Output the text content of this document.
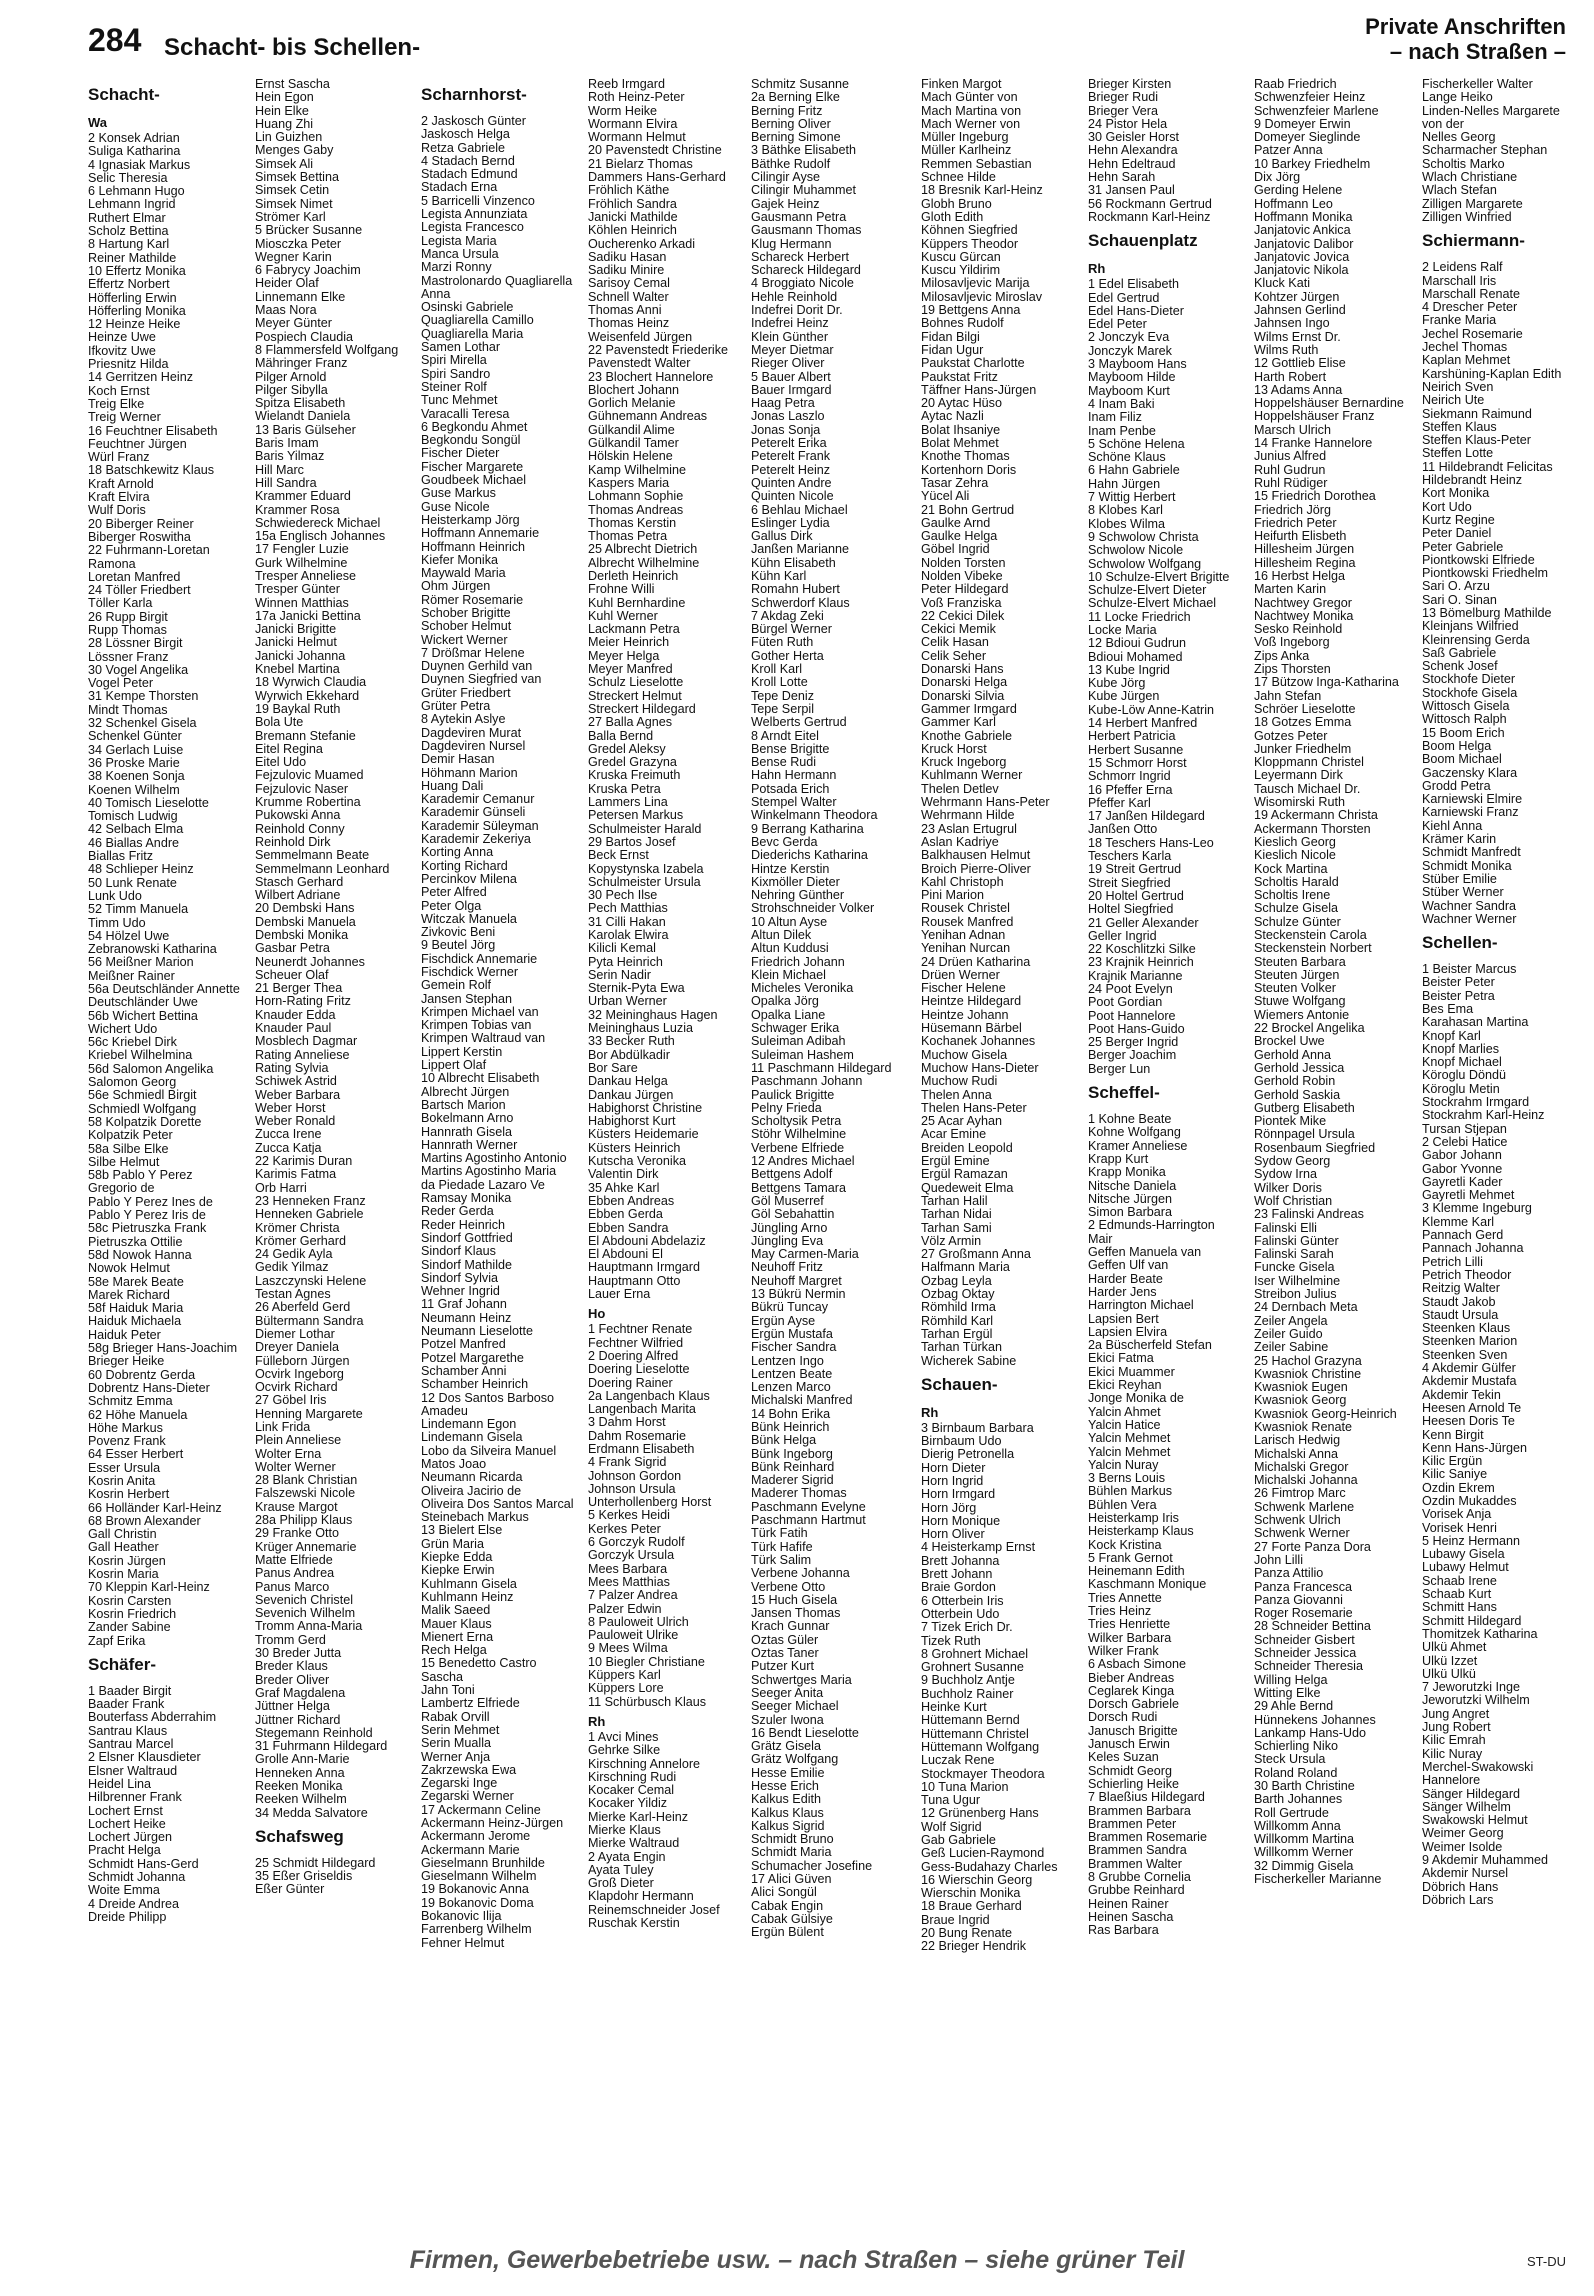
284 Schacht- bis Schellen-
Private Anschriften
– nach Straßen –
Schacht-
Wa
2 Konsek Adrian
Suliga Katharina
4 Ignasiak Markus
Selic Theresia
6 Lehmann Hugo
Lehmann Ingrid
Ruthert Elmar
Scholz Bettina
8 Hartung Karl
Reiner Mathilde
10 Effertz Monika
Effertz Norbert
Höfferling Erwin
Höfferling Monika
12 Heinze Heike
Heinze Uwe
Ifkovitz Uwe
Priesnitz Hilda
14 Gerritzen Heinz
Koch Ernst
Treig Elke
Treig Werner
16 Feuchtner Elisabeth
Feuchtner Jürgen
Würl Franz
18 Batschkewitz Klaus
Kraft Arnold
Kraft Elvira
Wulf Doris
20 Biberger Reiner
Biberger Roswitha
22 Fuhrmann-Loretan
Ramona
Loretan Manfred
24 Töller Friedbert
Töller Karla
26 Rupp Birgit
Rupp Thomas
28 Lössner Birgit
Lössner Franz
30 Vogel Angelika
Vogel Peter
31 Kempe Thorsten
Mindt Thomas
32 Schenkel Gisela
Schenkel Günter
34 Gerlach Luise
36 Proske Marie
38 Koenen Sonja
Koenen Wilhelm
40 Tomisch Lieselotte
Tomisch Ludwig
42 Selbach Elma
46 Biallas Andre
Biallas Fritz
48 Schlieper Heinz
50 Lunk Renate
Lunk Udo
52 Timm Manuela
Timm Udo
54 Hölzel Uwe
Zebranowski Katharina
56 Meißner Marion
Meißner Rainer
56a Deutschländer Annette
Deutschländer Uwe
56b Wichert Bettina
Wichert Udo
56c Kriebel Dirk
Kriebel Wilhelmina
56d Salomon Angelika
Salomon Georg
56e Schmiedl Birgit
Schmiedl Wolfgang
58 Kolpatzik Dorette
Kolpatzik Peter
58a Silbe Elke
Silbe Helmut
58b Pablo Y Perez
Gregorio de
Pablo Y Perez Ines de
Pablo Y Perez Iris de
58c Pietruszka Frank
Pietruszka Ottilie
58d Nowok Hanna
Nowok Helmut
58e Marek Beate
Marek Richard
58f Haiduk Maria
Haiduk Michaela
Haiduk Peter
58g Brieger Hans-Joachim
Brieger Heike
60 Dobrentz Gerda
Dobrentz Hans-Dieter
Schmitz Emma
62 Höhe Manuela
Höhe Markus
Povenz Frank
64 Esser Herbert
Esser Ursula
Kosrin Anita
Kosrin Herbert
66 Holländer Karl-Heinz
68 Brown Alexander
Gall Christin
Gall Heather
Kosrin Jürgen
Kosrin Maria
70 Kleppin Karl-Heinz
Kosrin Carsten
Kosrin Friedrich
Zander Sabine
Zapf Erika
Schäfer-
1 Baader Birgit
Baader Frank
Bouterfass Abderrahim
Santrau Klaus
Santrau Marcel
2 Elsner Klausdieter
Elsner Waltraud
Heidel Lina
Hilbrenner Frank
Lochert Ernst
Lochert Heike
Lochert Jürgen
Pracht Helga
Schmidt Hans-Gerd
Schmidt Johanna
Woite Emma
4 Dreide Andrea
Dreide Philipp
Ernst Sascha
Hein Egon
Hein Elke
Huang Zhi
Lin Guizhen
Menges Gaby
Simsek Ali
Simsek Bettina
Simsek Cetin
Simsek Nimet
Strömer Karl
5 Brücker Susanne
Miosczka Peter
Wegner Karin
6 Fabrycy Joachim
Heider Olaf
Linnemann Elke
Maas Nora
Meyer Günter
Pospiech Claudia
8 Flammersfeld Wolfgang
Mähringer Franz
Pilger Arnold
Pilger Sibylla
Spitza Elisabeth
Wielandt Daniela
13 Baris Gülseher
Baris Imam
Baris Yilmaz
Hill Marc
Hill Sandra
Krammer Eduard
Krammer Rosa
Schwiedereck Michael
15a Englisch Johannes
17 Fengler Luzie
Gurk Wilhelmine
Tresper Anneliese
Tresper Günter
Winnen Matthias
17a Janicki Bettina
Janicki Brigitte
Janicki Helmut
Janicki Johanna
Knebel Martina
18 Wyrwich Claudia
Wyrwich Ekkehard
19 Baykal Ruth
Bola Ute
Bremann Stefanie
Eitel Regina
Eitel Udo
Fejzulovic Muamed
Fejzulovic Naser
Krumme Robertina
Pukowski Anna
Reinhold Conny
Reinhold Dirk
Semmelmann Beate
Semmelmann Leonhard
Stasch Gerhard
Wilbert Adriane
20 Dembski Hans
Dembski Manuela
Dembski Monika
Gasbar Petra
Neunerdt Johannes
Scheuer Olaf
21 Berger Thea
Horn-Rating Fritz
Knauder Edda
Knauder Paul
Mosblech Dagmar
Rating Anneliese
Rating Sylvia
Schiwek Astrid
Weber Barbara
Weber Horst
Weber Ronald
Zucca Irene
Zucca Katja
22 Karimis Duran
Karimis Fatma
Orb Harri
23 Henneken Franz
Henneken Gabriele
Krömer Christa
Krömer Gerhard
24 Gedik Ayla
Gedik Yilmaz
Laszczynski Helene
Testan Agnes
26 Aberfeld Gerd
Bültermann Sandra
Diemer Lothar
Dreyer Daniela
Fülleborn Jürgen
Ocvirk Ingeborg
Ocvirk Richard
27 Göbel Iris
Henning Margarete
Link Frida
Plein Anneliese
Wolter Erna
Wolter Werner
28 Blank Christian
Falszewski Nicole
Krause Margot
28a Philipp Klaus
29 Franke Otto
Krüger Annemarie
Matte Elfriede
Panus Andrea
Panus Marco
Sevenich Christel
Sevenich Wilhelm
Tromm Anna-Maria
Tromm Gerd
30 Breder Jutta
Breder Klaus
Breder Oliver
Graf Magdalena
Jüttner Helga
Jüttner Richard
Stegemann Reinhold
31 Fuhrmann Hildegard
Grolle Ann-Marie
Henneken Anna
Reeken Monika
Reeken Wilhelm
34 Medda Salvatore
Schafsweg
25 Schmidt Hildegard
35 Eßer Griseldis
Eßer Günter
Scharnhorst-
2 Jaskosch Günter
Jaskosch Helga
Retza Gabriele
4 Stadach Bernd
Stadach Edmund
Stadach Erna
5 Barricelli Vinzenco
Legista Annunziata
Legista Francesco
Legista Maria
Manca Ursula
Marzi Ronny
Mastrolonardo Quagliarella
Anna
Osinski Gabriele
Quagliarella Camillo
Quagliarella Maria
Samen Lothar
Spiri Mirella
Spiri Sandro
Steiner Rolf
Tunc Mehmet
Varacalli Teresa
6 Begkondu Ahmet
Begkondu Songül
Fischer Dieter
Fischer Margarete
Goudbeek Michael
Guse Markus
Guse Nicole
Heisterkamp Jörg
Hoffmann Annemarie
Hoffmann Heinrich
Kiefer Monika
Maywald Maria
Ohm Jürgen
Römer Rosemarie
Schober Brigitte
Schober Helmut
Wickert Werner
7 Drößmar Helene
Duynen Gerhild van
Duynen Siegfried van
Grüter Friedbert
Grüter Petra
8 Aytekin Aslye
Dagdeviren Murat
Dagdeviren Nursel
Demir Hasan
Höhmann Marion
Huang Dali
Karademir Cemanur
Karademir Günseli
Karademir Süleyman
Karademir Zekeriya
Korting Anna
Korting Richard
Percinkov Milena
Peter Alfred
Peter Olga
Witczak Manuela
Zivkovic Beni
9 Beutel Jörg
Fischdick Annemarie
Fischdick Werner
Gemein Rolf
Jansen Stephan
Krimpen Michael van
Krimpen Tobias van
Krimpen Waltraud van
Lippert Kerstin
Lippert Olaf
10 Albrecht Elisabeth
Albrecht Jürgen
Bartsch Marion
Bokelmann Arno
Hannrath Gisela
Hannrath Werner
Martins Agostinho Antonio
Martins Agostinho Maria
da Piedade Lazaro Ve
Ramsay Monika
Reder Gerda
Reder Heinrich
Sindorf Gottfried
Sindorf Klaus
Sindorf Mathilde
Sindorf Sylvia
Wehner Ingrid
11 Graf Johann
Neumann Heinz
Neumann Lieselotte
Potzel Manfred
Potzel Margarethe
Schamber Anni
Schamber Heinrich
12 Dos Santos Barboso
Amadeu
Lindemann Egon
Lindemann Gisela
Lobo da Silveira Manuel
Matos Joao
Neumann Ricarda
Oliveira Jacirio de
Oliveira Dos Santos Marcal
Steinebach Markus
13 Bielert Else
Grün Maria
Kiepke Edda
Kiepke Erwin
Kuhlmann Gisela
Kuhlmann Heinz
Malik Saeed
Mauer Klaus
Mienert Erna
Rech Helga
15 Benedetto Castro
Sascha
Jahn Toni
Lambertz Elfriede
Rabak Orvill
Serin Mehmet
Serin Mualla
Werner Anja
Zakrzewska Ewa
Zegarski Inge
Zegarski Werner
17 Ackermann Celine
Ackermann Heinz-Jürgen
Ackermann Jerome
Ackermann Marie
Gieselmann Brunhilde
Gieselmann Wilhelm
19 Bokanovic Anna
19 Bokanovic Doma
Bokanovic Ilija
Farrenberg Wilhelm
Fehner Helmut
Reeb Irmgard
Roth Heinz-Peter
Worm Heike
Wormann Elvira
Wormann Helmut
20 Pavenstedt Christine
21 Bielarz Thomas
Dammers Hans-Gerhard
Fröhlich Käthe
Fröhlich Sandra
Janicki Mathilde
Köhlen Heinrich
Oucherenko Arkadi
Sadiku Hasan
Sadiku Minire
Sarisoy Cemal
Schnell Walter
Thomas Anni
Thomas Heinz
Weisenfeld Jürgen
22 Pavenstedt Friederike
Pavenstedt Walter
23 Blochert Hannelore
Blochert Johann
Gorlich Melanie
Gühnemann Andreas
Gülkandil Alime
Gülkandil Tamer
Hölskin Helene
Kamp Wilhelmine
Kaspers Maria
Lohmann Sophie
Thomas Andreas
Thomas Kerstin
Thomas Petra
25 Albrecht Dietrich
Albrecht Wilhelmine
Derleth Heinrich
Frohne Willi
Kuhl Bernhardine
Kuhl Werner
Lackmann Petra
Meier Heinrich
Meyer Helga
Meyer Manfred
Schulz Lieselotte
Streckert Helmut
Streckert Hildegard
27 Balla Agnes
Balla Bernd
Gredel Aleksy
Gredel Grazyna
Kruska Freimuth
Kruska Petra
Lammers Lina
Petersen Markus
Schulmeister Harald
29 Bartos Josef
Beck Ernst
Kopystynska Izabela
Schulmeister Ursula
30 Pech Ilse
Pech Matthias
31 Cilli Hakan
Karolak Elwira
Kilicli Kemal
Pyta Heinrich
Serin Nadir
Sternik-Pyta Ewa
Urban Werner
32 Meininghaus Hagen
Meininghaus Luzia
33 Becker Ruth
Bor Abdülkadir
Bor Sare
Dankau Helga
Dankau Jürgen
Habighorst Christine
Habighorst Kurt
Küsters Heidemarie
Küsters Heinrich
Kutscha Veronika
Valentin Dirk
35 Ahke Karl
Ebben Andreas
Ebben Gerda
Ebben Sandra
El Abdouni Abdelaziz
El Abdouni El
Hauptmann Irmgard
Hauptmann Otto
Lauer Erna
Ho
1 Fechtner Renate
Fechtner Wilfried
2 Doering Alfred
Doering Lieselotte
Doering Rainer
2a Langenbach Klaus
Langenbach Marita
3 Dahm Horst
Dahm Rosemarie
Erdmann Elisabeth
4 Frank Sigrid
Johnson Gordon
Johnson Ursula
Unterhollenberg Horst
5 Kerkes Heidi
Kerkes Peter
6 Gorczyk Rudolf
Gorczyk Ursula
Mees Barbara
Mees Matthias
7 Palzer Andrea
Palzer Edwin
8 Pauloweit Ulrich
Pauloweit Ulrike
9 Mees Wilma
10 Biegler Christiane
Küppers Karl
Küppers Lore
11 Schürbusch Klaus
Rh
1 Avci Mines
Gehrke Silke
Kirschning Annelore
Kirschning Rudi
Kocaker Cemal
Kocaker Yildiz
Mierke Karl-Heinz
Mierke Klaus
Mierke Waltraud
2 Ayata Engin
Ayata Tuley
Groß Dieter
Klapdohr Hermann
Reinemschneider Josef
Ruschak Kerstin
Schmitz Susanne
2a Berning Elke
Berning Fritz
Berning Oliver
Berning Simone
3 Bäthke Elisabeth
Bäthke Rudolf
Cilingir Ayse
Cilingir Muhammet
Gajek Heinz
Gausmann Petra
Gausmann Thomas
Klug Hermann
Schareck Herbert
Schareck Hildegard
4 Broggiato Nicole
Hehle Reinhold
Indefrei Dorit Dr.
Indefrei Heinz
Klein Günther
Meyer Dietmar
Rieger Oliver
5 Bauer Albert
Bauer Irmgard
Haag Petra
Jonas Laszlo
Jonas Sonja
Peterelt Erika
Peterelt Frank
Peterelt Heinz
Quinten Andre
Quinten Nicole
6 Behlau Michael
Eslinger Lydia
Gallus Dirk
Janßen Marianne
Kühn Elisabeth
Kühn Karl
Romahn Hubert
Schwerdorf Klaus
7 Akdag Zeki
Bürgel Werner
Füten Ruth
Gother Herta
Kroll Karl
Kroll Lotte
Tepe Deniz
Tepe Serpil
Welberts Gertrud
8 Arndt Eitel
Bense Brigitte
Bense Rudi
Hahn Hermann
Potsada Erich
Stempel Walter
Winkelmann Theodora
9 Berrang Katharina
Bevc Gerda
Diederichs Katharina
Hintze Kerstin
Kixmöller Dieter
Nehring Günther
Strohschneider Volker
10 Altun Ayse
Altun Dilek
Altun Kuddusi
Friedrich Johann
Klein Michael
Micheles Veronika
Opalka Jörg
Opalka Liane
Schwager Erika
Suleiman Adibah
Suleiman Hashem
11 Paschmann Hildegard
Paschmann Johann
Paulick Brigitte
Pelny Frieda
Scholtysik Petra
Stöhr Wilhelmine
Verbene Elfriede
12 Andres Michael
Bettgens Adolf
Bettgens Tamara
Göl Muserref
Göl Sebahattin
Jüngling Arno
Jüngling Eva
May Carmen-Maria
Neuhoff Fritz
Neuhoff Margret
13 Bükrü Nermin
Bükrü Tuncay
Ergün Ayse
Ergün Mustafa
Fischer Sandra
Lentzen Ingo
Lentzen Beate
Lenzen Marco
Michalski Manfred
14 Bohn Erika
Bünk Heinrich
Bünk Helga
Bünk Ingeborg
Bünk Reinhard
Maderer Sigrid
Maderer Thomas
Paschmann Evelyne
Paschmann Hartmut
Türk Fatih
Türk Hafife
Türk Salim
Verbene Johanna
Verbene Otto
15 Huch Gisela
Jansen Thomas
Krach Gunnar
Öztas Güler
Öztas Taner
Putzer Kurt
Schwertges Maria
Seeger Anita
Seeger Michael
Szuler Iwona
16 Bendt Lieselotte
Grätz Gisela
Grätz Wolfgang
Hesse Emilie
Hesse Erich
Kalkus Edith
Kalkus Klaus
Kalkus Sigrid
Schmidt Bruno
Schmidt Maria
Schumacher Josefine
17 Alici Güven
Alici Songül
Cabak Engin
Cabak Gülsiye
Ergün Bülent
Finken Margot
Mach Günter von
Mach Martina von
Mach Werner von
Müller Ingeburg
Müller Karlheinz
Remmen Sebastian
Schnee Hilde
18 Bresnik Karl-Heinz
Globh Bruno
Gloth Edith
Köhnen Siegfried
Küppers Theodor
Kuscu Gürcan
Kuscu Yildirim
Milosavljevic Marija
Milosavljevic Miroslav
19 Bettgens Anna
Bohnes Rudolf
Fidan Bilgi
Fidan Ugur
Paukstat Charlotte
Paukstat Fritz
Täffner Hans-Jürgen
20 Aytac Hüso
Aytac Nazli
Bolat Ihsaniye
Bolat Mehmet
Knothe Thomas
Kortenhorn Doris
Tasar Zehra
Yücel Ali
21 Bohn Gertrud
Gaulke Arnd
Gaulke Helga
Göbel Ingrid
Nolden Torsten
Nolden Vibeke
Peter Hildegard
Voß Franziska
22 Cekici Dilek
Cekici Memik
Celik Hasan
Celik Seher
Donarski Hans
Donarski Helga
Donarski Silvia
Gammer Irmgard
Gammer Karl
Knothe Gabriele
Kruck Horst
Kruck Ingeborg
Kuhlmann Werner
Thelen Detlev
Wehrmann Hans-Peter
Wehrmann Hilde
23 Aslan Ertugrul
Aslan Kadriye
Balkhausen Helmut
Broich Pierre-Oliver
Kahl Christoph
Pini Marion
Rousek Christel
Rousek Manfred
Yenihan Adnan
Yenihan Nurcan
24 Drüen Katharina
Drüen Werner
Fischer Helene
Heintze Hildegard
Heintze Johann
Hüsemann Bärbel
Kochanek Johannes
Muchow Gisela
Muchow Hans-Dieter
Muchow Rudi
Thelen Anna
Thelen Hans-Peter
25 Acar Ayhan
Acar Emine
Breiden Leopold
Ergül Emine
Ergül Ramazan
Quedeweit Elma
Tarhan Halil
Tarhan Nidai
Tarhan Sami
Völz Armin
27 Großmann Anna
Halfmann Maria
Özbag Leyla
Özbag Oktay
Römhild Irma
Römhild Karl
Tarhan Ergül
Tarhan Türkan
Wicherek Sabine
Schauen-
Rh
3 Birnbaum Barbara
Birnbaum Udo
Dierig Petronella
Horn Dieter
Horn Ingrid
Horn Irmgard
Horn Jörg
Horn Monique
Horn Oliver
4 Heisterkamp Ernst
Brett Johanna
Brett Johann
Braie Gordon
6 Otterbein Iris
Otterbein Udo
7 Tizek Erich Dr.
Tizek Ruth
8 Grohnert Michael
Grohnert Susanne
9 Buchholz Antje
Buchholz Rainer
Heinke Kurt
Hüttemann Bernd
Hüttemann Christel
Hüttemann Wolfgang
Luczak Rene
Stockmayer Theodora
10 Tuna Marion
Tuna Ugur
12 Grünenberg Hans
Wolf Sigrid
Gab Gabriele
Geß Lucien-Raymond
Gess-Budahazy Charles
16 Wierschin Georg
Wierschin Monika
18 Braue Gerhard
Braue Ingrid
20 Bung Renate
22 Brieger Hendrik
Brieger Kirsten
Brieger Rudi
Brieger Vera
24 Pistor Hela
30 Geisler Horst
Hehn Alexandra
Hehn Edeltraud
Hehn Sarah
31 Jansen Paul
56 Rockmann Gertrud
Rockmann Karl-Heinz
Schauenplatz
Rh
1 Edel Elisabeth
Edel Gertrud
Edel Hans-Dieter
Edel Peter
2 Jonczyk Eva
Jonczyk Marek
3 Mayboom Hans
Mayboom Hilde
Mayboom Kurt
4 Inam Baki
Inam Filiz
Inam Penbe
5 Schöne Helena
Schöne Klaus
6 Hahn Gabriele
Hahn Jürgen
7 Wittig Herbert
8 Klobes Karl
Klobes Wilma
9 Schwolow Christa
Schwolow Nicole
Schwolow Wolfgang
10 Schulze-Elvert Brigitte
Schulze-Elvert Dieter
Schulze-Elvert Michael
11 Locke Friedrich
Locke Maria
12 Bdioui Gudrun
Bdioui Mohamed
13 Kube Ingrid
Kube Jörg
Kube Jürgen
Kube-Löw Anne-Katrin
14 Herbert Manfred
Herbert Patricia
Herbert Susanne
15 Schmorr Horst
Schmorr Ingrid
16 Pfeffer Erna
Pfeffer Karl
17 Janßen Hildegard
Janßen Otto
18 Teschers Hans-Leo
Teschers Karla
19 Streit Gertrud
Streit Siegfried
20 Holtel Gertrud
Holtel Siegfried
21 Geller Alexander
Geller Ingrid
22 Koschlitzki Silke
23 Krajnik Heinrich
Krajnik Marianne
24 Poot Evelyn
Poot Gordian
Poot Hannelore
Poot Hans-Guido
25 Berger Ingrid
Berger Joachim
Berger Lun
Scheffel-
1 Kohne Beate
Kohne Wolfgang
Kramer Anneliese
Krapp Kurt
Krapp Monika
Nitsche Daniela
Nitsche Jürgen
Simon Barbara
2 Edmunds-Harrington
Mair
Geffen Manuela van
Geffen Ulf van
Harder Beate
Harder Jens
Harrington Michael
Lapsien Bert
Lapsien Elvira
2a Büscherfeld Stefan
Ekici Fatma
Ekici Muammer
Ekici Reyhan
Jonge Monika de
Yalcin Ahmet
Yalcin Hatice
Yalcin Mehmet
Yalcin Mehmet
Yalcin Nuray
3 Berns Louis
Bühlen Markus
Bühlen Vera
Heisterkamp Iris
Heisterkamp Klaus
Kock Kristina
5 Frank Gernot
Heinemann Edith
Kaschmann Monique
Tries Annette
Tries Heinz
Tries Henriette
Wilker Barbara
Wilker Frank
6 Asbach Simone
Bieber Andreas
Ceglarek Kinga
Dorsch Gabriele
Dorsch Rudi
Janusch Brigitte
Janusch Erwin
Keles Suzan
Schmidt Georg
Schierling Heike
7 Blaeßius Hildegard
Brammen Barbara
Brammen Peter
Brammen Rosemarie
Brammen Sandra
Brammen Walter
8 Grubbe Cornelia
Grubbe Reinhard
Heinen Rainer
Heinen Sascha
Ras Barbara
Raab Friedrich
Schwenzfeier Heinz
Schwenzfeier Marlene
9 Domeyer Erwin
Domeyer Sieglinde
Patzer Anna
10 Barkey Friedhelm
Dix Jörg
Gerding Helene
Hoffmann Leo
Hoffmann Monika
Janjatovic Ankica
Janjatovic Dalibor
Janjatovic Jovica
Janjatovic Nikola
Kluck Kati
Kohtzer Jürgen
Jahnsen Gerlind
Jahnsen Ingo
Wilms Ernst Dr.
Wilms Ruth
12 Gottlieb Elise
Harth Robert
13 Adams Anna
Hoppelshäuser Bernardine
Hoppelshäuser Franz
Marsch Ulrich
14 Franke Hannelore
Junius Alfred
Ruhl Gudrun
Ruhl Rüdiger
15 Friedrich Dorothea
Friedrich Jörg
Friedrich Peter
Heifurth Elisbeth
Hillesheim Jürgen
Hillesheim Regina
16 Herbst Helga
Marten Karin
Nachtwey Gregor
Nachtwey Monika
Sesko Reinhold
Voß Ingeborg
Zips Anka
Zips Thorsten
17 Bützow Inga-Katharina
Jahn Stefan
Schröer Lieselotte
18 Gotzes Emma
Gotzes Peter
Junker Friedhelm
Kloppmann Christel
Leyermann Dirk
Tausch Michael Dr.
Wisomirski Ruth
19 Ackermann Christa
Ackermann Thorsten
Kieslich Georg
Kieslich Nicole
Kock Martina
Scholtis Harald
Scholtis Irene
Schulze Gisela
Schulze Günter
Steckenstein Carola
Steckenstein Norbert
Steuten Barbara
Steuten Jürgen
Steuten Volker
Stuwe Wolfgang
Wiemers Antonie
22 Brockel Angelika
Brockel Uwe
Gerhold Anna
Gerhold Jessica
Gerhold Robin
Gerhold Saskia
Gutberg Elisabeth
Piontek Mike
Rönnpagel Ursula
Rosenbaum Siegfried
Sydow Georg
Sydow Irna
Wilker Doris
Wolf Christian
23 Falinski Andreas
Falinski Elli
Falinski Günter
Falinski Sarah
Funcke Gisela
Iser Wilhelmine
Streibon Julius
24 Dernbach Meta
Zeiler Angela
Zeiler Guido
Zeiler Sabine
25 Hachol Grazyna
Kwasniok Christine
Kwasniok Eugen
Kwasniok Georg
Kwasniok Georg-Heinrich
Kwasniok Renate
Larisch Hedwig
Michalski Anna
Michalski Gregor
Michalski Johanna
26 Fimtrop Marc
Schwenk Marlene
Schwenk Ulrich
Schwenk Werner
27 Forte Panza Dora
John Lilli
Panza Attilio
Panza Francesca
Panza Giovanni
Roger Rosemarie
28 Schneider Bettina
Schneider Gisbert
Schneider Jessica
Schneider Theresia
Willing Helga
Witting Elke
29 Ahle Bernd
Hünnekens Johannes
Lankamp Hans-Udo
Schierling Niko
Steck Ursula
Roland Roland
30 Barth Christine
Barth Johannes
Roll Gertrude
Willkomm Anna
Willkomm Martina
Willkomm Werner
32 Dimmig Gisela
Fischerkeller Marianne
Fischerkeller Walter
Lange Heiko
Linden-Nelles Margarete
von der
Nelles Georg
Scharmacher Stephan
Scholtis Marko
Wlach Christiane
Wlach Stefan
Zilligen Margarete
Zilligen Winfried
Schiermann-
2 Leidens Ralf
Marschall Iris
Marschall Renate
4 Drescher Peter
Franke Maria
Jechel Rosemarie
Jechel Thomas
Kaplan Mehmet
Karshüning-Kaplan Edith
Neirich Sven
Neirich Ute
Siekmann Raimund
Steffen Klaus
Steffen Klaus-Peter
Steffen Lotte
11 Hildebrandt Felicitas
Hildebrandt Heinz
Kort Monika
Kort Udo
Kurtz Regine
Peter Daniel
Peter Gabriele
Piontkowski Elfriede
Piontkowski Friedhelm
Sari O. Arzu
Sari O. Sinan
13 Bömelburg Mathilde
Kleinjans Wilfried
Kleinrensing Gerda
Saß Gabriele
Schenk Josef
Stockhofe Dieter
Stockhofe Gisela
Wittosch Gisela
Wittosch Ralph
15 Boom Erich
Boom Helga
Boom Michael
Gaczensky Klara
Grodd Petra
Karniewski Elmire
Karniewski Franz
Kiehl Anna
Krämer Karin
Schmidt Manfredt
Schmidt Monika
Stüber Emilie
Stüber Werner
Wachner Sandra
Wachner Werner
Schellen-
1 Beister Marcus
Beister Peter
Beister Petra
Bes Ema
Karahasan Martina
Knopf Karl
Knopf Marlies
Knopf Michael
Köroglu Döndü
Köroglu Metin
Stockrahm Irmgard
Stockrahm Karl-Heinz
Tursan Stjepan
2 Celebi Hatice
Gabor Johann
Gabor Yvonne
Gayretli Kader
Gayretli Mehmet
3 Klemme Ingeburg
Klemme Karl
Pannach Gerd
Pannach Johanna
Petrich Lilli
Petrich Theodor
Reitzig Walter
Staudt Jakob
Staudt Ursula
Steenken Klaus
Steenken Marion
Steenken Sven
4 Akdemir Gülfer
Akdemir Mustafa
Akdemir Tekin
Heesen Arnold Te
Heesen Doris Te
Kenn Birgit
Kenn Hans-Jürgen
Kilic Ergün
Kilic Saniye
Özdin Ekrem
Özdin Mukaddes
Vorisek Anja
Vorisek Henri
5 Heinz Hermann
Lubawy Gisela
Lubawy Helmut
Schaab Irene
Schaab Kurt
Schmitt Hans
Schmitt Hildegard
Thomitzek Katharina
Ülkü Ahmet
Ülkü Izzet
Ülkü Ülkü
7 Jeworutzki Inge
Jeworutzki Wilhelm
Jung Angret
Jung Robert
Kilic Emrah
Kilic Nuray
Merchel-Swakowski
Hannelore
Sänger Hildegard
Sänger Wilhelm
Swakowski Helmut
Weimer Georg
Weimer Isolde
9 Akdemir Muhammed
Akdemir Nursel
Döbrich Hans
Döbrich Lars
Firmen, Gewerbebetriebe usw. – nach Straßen – siehe grüner Teil	ST-DU
